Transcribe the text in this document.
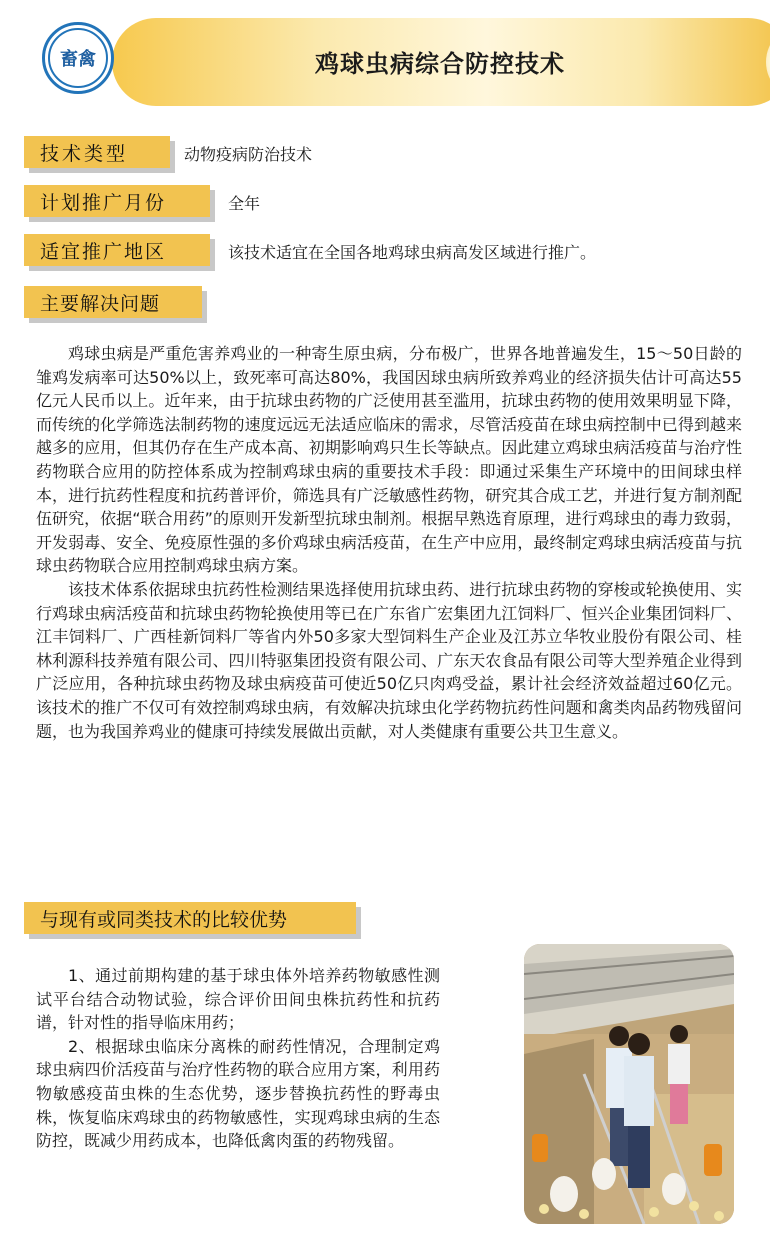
畜禽	鸡球虫病综合防控技术
技术类型	动物疫病防治技术
计划推广月份	全年
适宜推广地区	该技术适宜在全国各地鸡球虫病高发区域进行推广。
主要解决问题

鸡球虫病是严重危害养鸡业的一种寄生原虫病，分布极广，世界各地普遍发生，15～50日龄的雏鸡发病率可达50%以上，致死率可高达80%，我国因球虫病所致养鸡业的经济损失估计可高达55亿元人民币以上。近年来，由于抗球虫药物的广泛使用甚至滥用，抗球虫药物的使用效果明显下降，而传统的化学筛选法制药物的速度远远无法适应临床的需求，尽管活疫苗在球虫病控制中已得到越来越多的应用，但其仍存在生产成本高、初期影响鸡只生长等缺点。因此建立鸡球虫病活疫苗与治疗性药物联合应用的防控体系成为控制鸡球虫病的重要技术手段：即通过采集生产环境中的田间球虫样本，进行抗药性程度和抗药普评价，筛选具有广泛敏感性药物，研究其合成工艺，并进行复方制剂配伍研究，依据“联合用药”的原则开发新型抗球虫制剂。根据早熟选育原理，进行鸡球虫的毒力致弱，开发弱毒、安全、免疫原性强的多价鸡球虫病活疫苗，在生产中应用，最终制定鸡球虫病活疫苗与抗球虫药物联合应用控制鸡球虫病方案。

该技术体系依据球虫抗药性检测结果选择使用抗球虫药、进行抗球虫药物的穿梭或轮换使用、实行鸡球虫病活疫苗和抗球虫药物轮换使用等已在广东省广宏集团九江饲料厂、恒兴企业集团饲料厂、江丰饲料厂、广西桂新饲料厂等省内外50多家大型饲料生产企业及江苏立华牧业股份有限公司、桂林利源科技养殖有限公司、四川特驱集团投资有限公司、广东天农食品有限公司等大型养殖企业得到广泛应用，各种抗球虫药物及球虫病疫苗可使近50亿只肉鸡受益，累计社会经济效益超过60亿元。该技术的推广不仅可有效控制鸡球虫病，有效解决抗球虫化学药物抗药性问题和禽类肉品药物残留问题，也为我国养鸡业的健康可持续发展做出贡献，对人类健康有重要公共卫生意义。

与现有或同类技术的比较优势

1、通过前期构建的基于球虫体外培养药物敏感性测试平台结合动物试验，综合评价田间虫株抗药性和抗药谱，针对性的指导临床用药；

2、根据球虫临床分离株的耐药性情况，合理制定鸡球虫病四价活疫苗与治疗性药物的联合应用方案，利用药物敏感疫苗虫株的生态优势，逐步替换抗药性的野毒虫株，恢复临床鸡球虫的药物敏感性，实现鸡球虫病的生态防控，既减少用药成本，也降低禽肉蛋的药物残留。
